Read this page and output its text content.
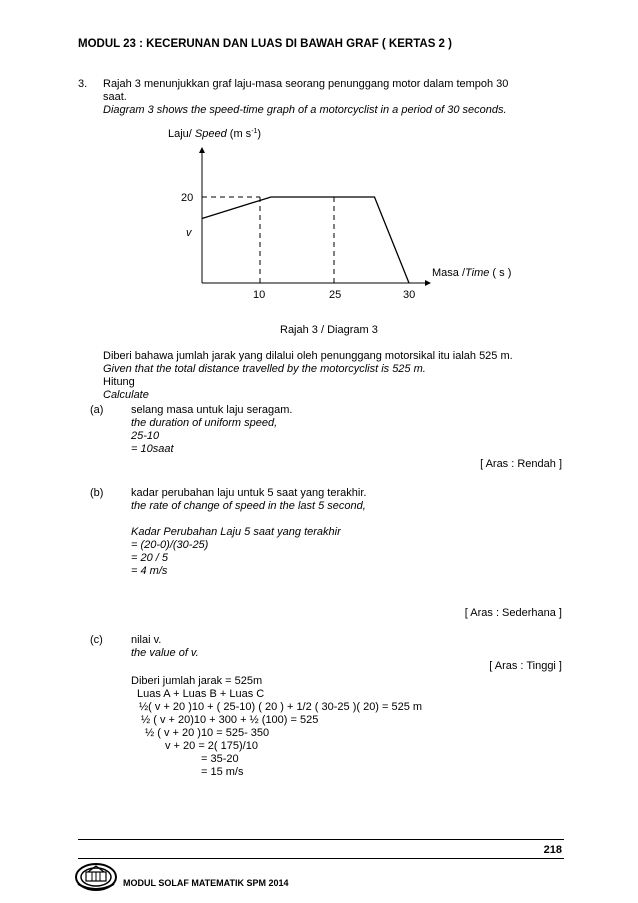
MODUL 23 : KECERUNAN DAN LUAS DI BAWAH GRAF ( KERTAS 2 )
3. Rajah 3 menunjukkan graf laju-masa seorang penunggang motor dalam tempoh 30
saat.
Diagram 3 shows the speed-time graph of a motorcyclist in a period of 30 seconds.
Laju/ Speed (m $s^{-1}$)
Masa /Time ( s )
20
v
10	25	30
Rajah 3 / Diagram 3
Diberi bahawa jumlah jarak yang dilalui oleh penunggang motorsikal itu ialah 525 m.
Given that the total distance travelled by the motorcyclist is 525 m.
Hitung
Calculate
(a)	selang masa untuk laju seragam.
the duration of uniform speed,
25-10
= 10saat
[ Aras : Rendah ]
(b)	kadar perubahan laju untuk 5 saat yang terakhir.
the rate of change of speed in the last 5 second,
Kadar Perubahan Laju 5 saat yang terakhir
= (20-0)/(30-25)
= 20 / 5
= 4 m/s
[ Aras : Sederhana ]
(c)	nilai v.
the value of v.
[ Aras : Tinggi ]
Diberi jumlah jarak = 525m
Luas A + Luas B + Luas C
½( v + 20 )10 + ( 25-10) ( 20 ) + 1/2 ( 30-25 )( 20) = 525 m
½ ( v + 20)10 + 300 + ½ (100) = 525
½ ( v + 20 )10 = 525- 350
v + 20 = 2( 175)/10
= 35-20
= 15 m/s
218
MODUL SOLAF MATEMATIK SPM 2014
